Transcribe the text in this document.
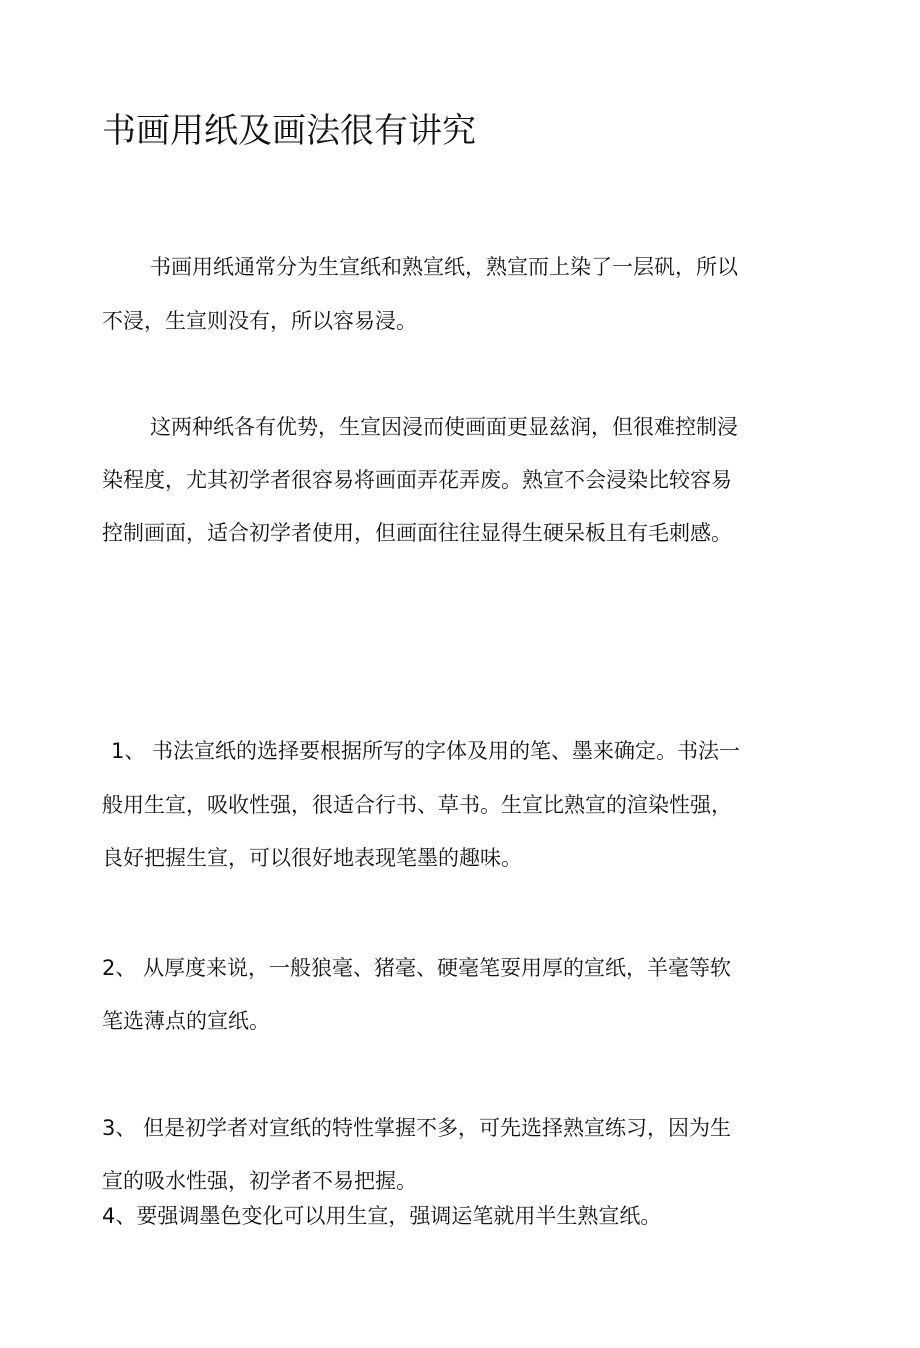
书画用纸及画法很有讲究
书画用纸通常分为生宣纸和熟宣纸，熟宣而上染了一层矾，所以
不浸，生宣则没有，所以容易浸。
这两种纸各有优势，生宣因浸而使画面更显兹润，但很难控制浸
染程度，尤其初学者很容易将画面弄花弄废。熟宣不会浸染比较容易
控制画面，适合初学者使用，但画面往往显得生硬呆板且有毛刺感。
1、 书法宣纸的选择要根据所写的字体及用的笔、墨来确定。书法一
般用生宣，吸收性强，很适合行书、草书。生宣比熟宣的渲染性强，
良好把握生宣，可以很好地表现笔墨的趣味。
2、 从厚度来说，一般狼毫、猪毫、硬毫笔耍用厚的宣纸，羊毫等软
笔选薄点的宣纸。
3、 但是初学者对宣纸的特性掌握不多，可先选择熟宣练习，因为生
宣的吸水性强，初学者不易把握。
4、要强调墨色变化可以用生宣，强调运笔就用半生熟宣纸。
